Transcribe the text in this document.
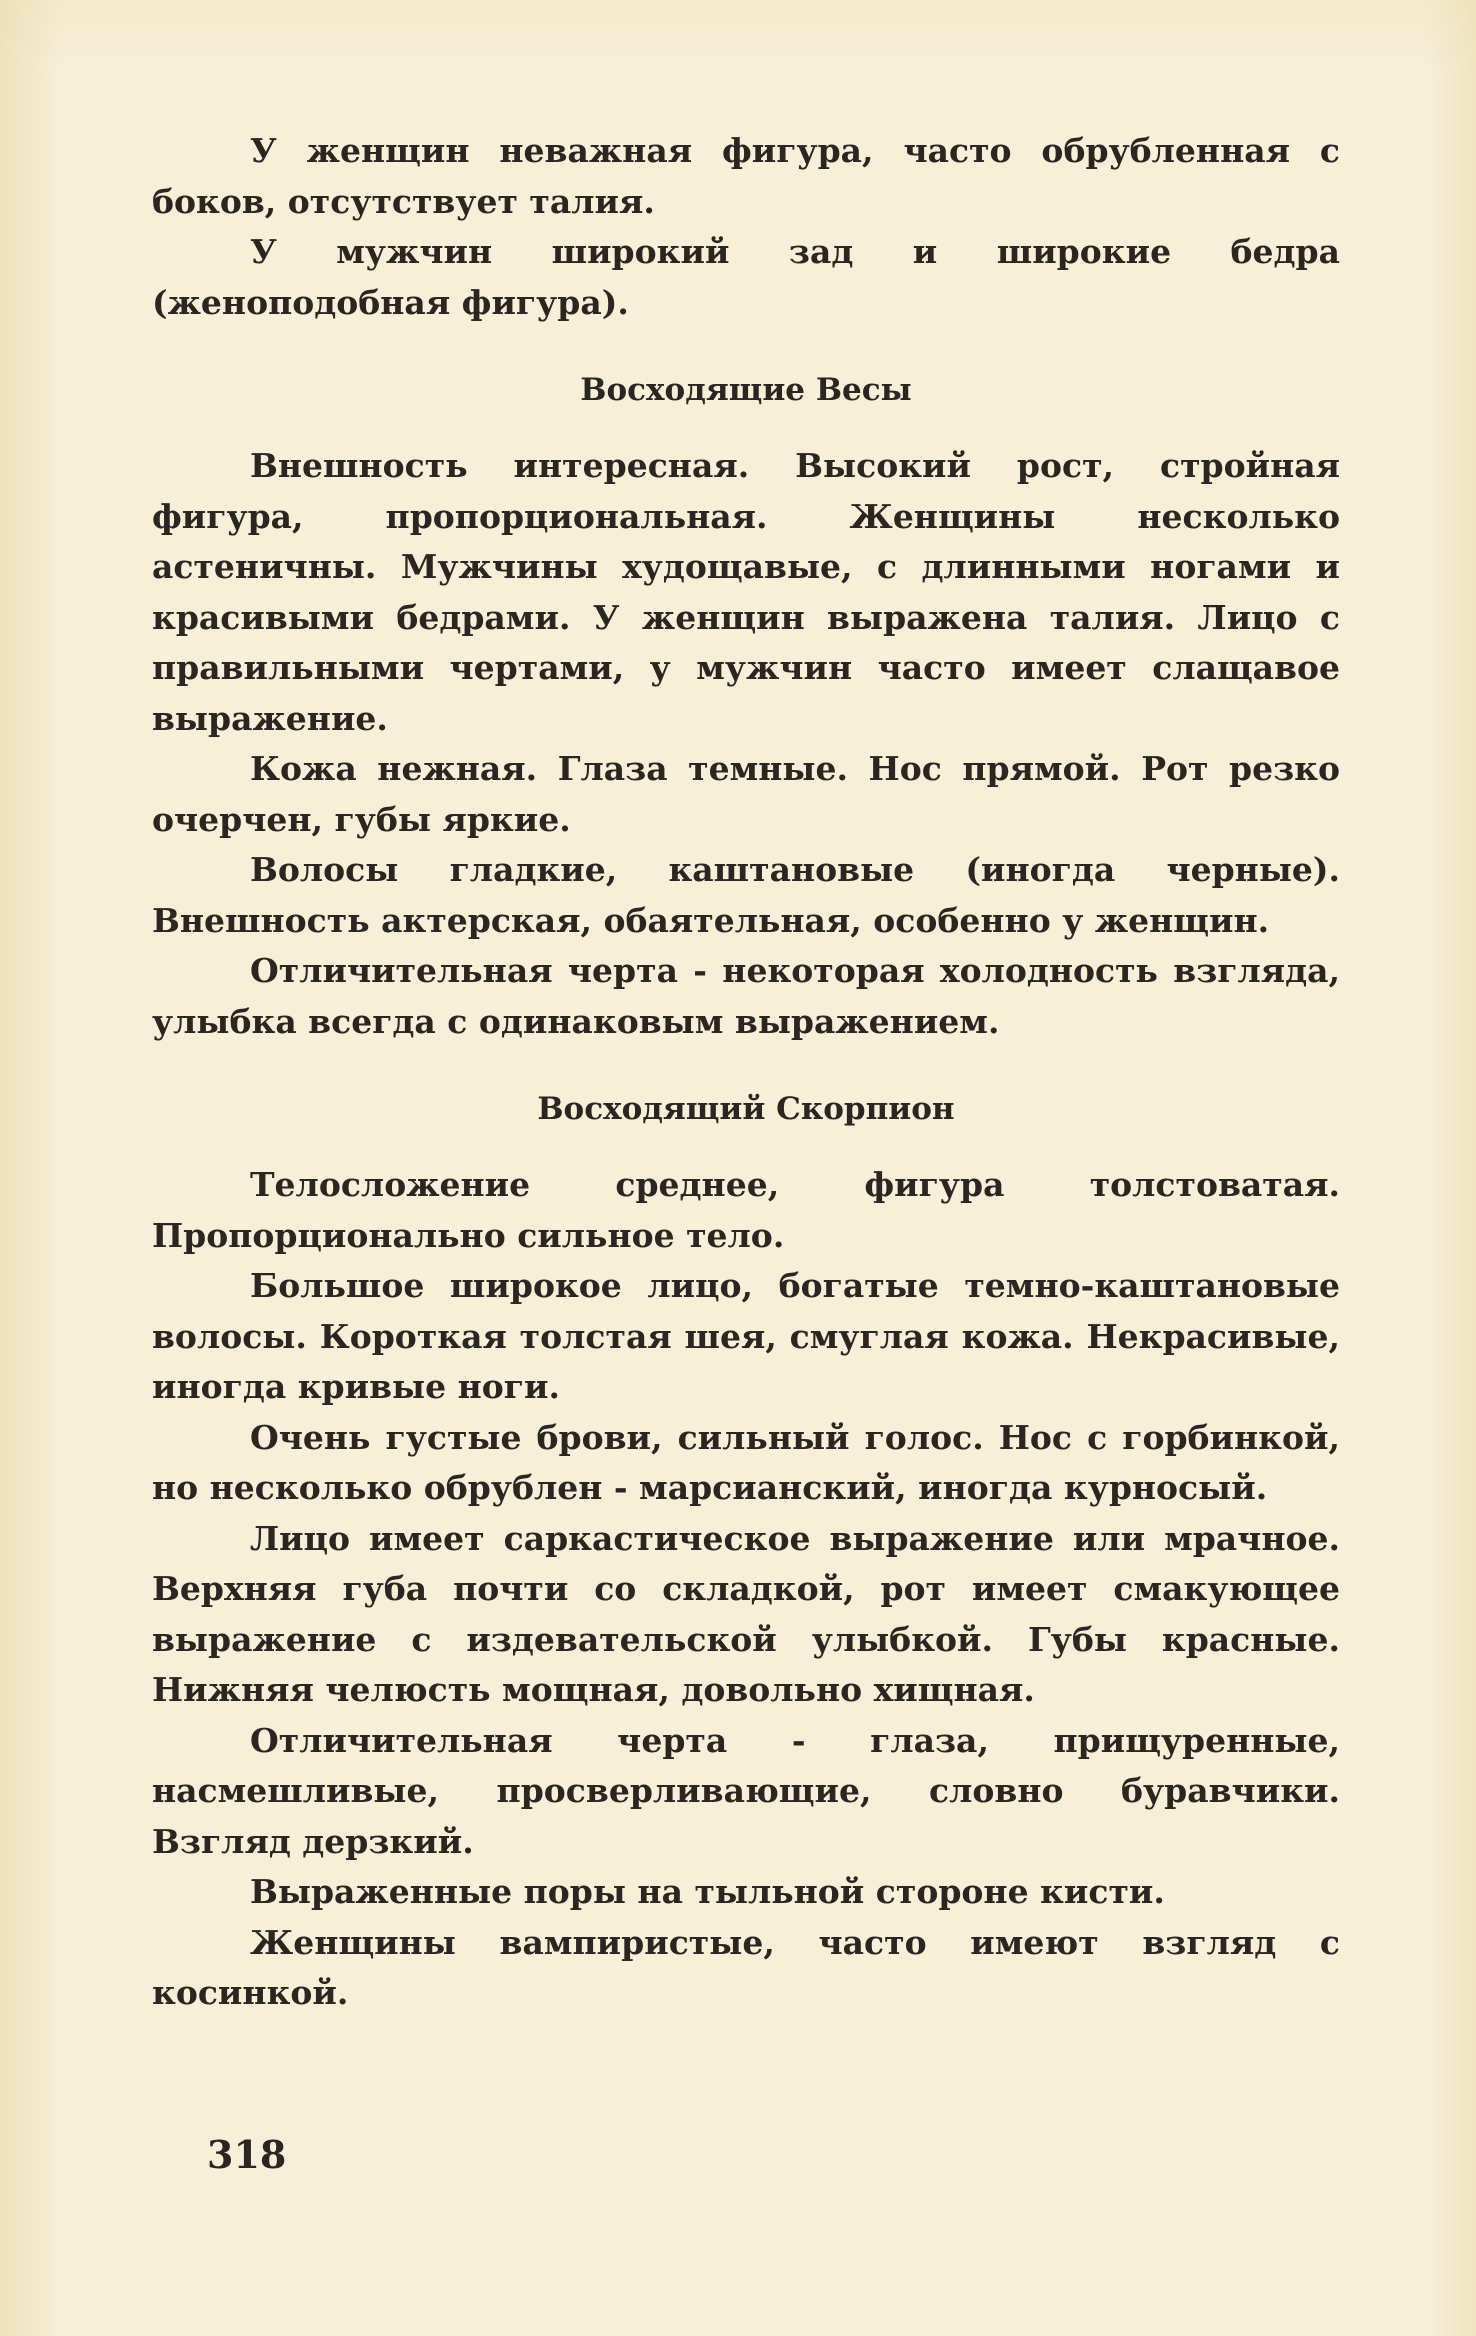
У женщин неважная фигура, часто обрубленная с боков, отсутствует талия.

У мужчин широкий зад и широкие бедра (женоподобная фигура).

Восходящие Весы

Внешность интересная. Высокий рост, стройная фигура, пропорциональная. Женщины несколько астеничны. Мужчины худощавые, с длинными ногами и красивыми бедрами. У женщин выражена талия. Лицо с правильными чертами, у мужчин часто имеет слащавое выражение.

Кожа нежная. Глаза темные. Нос прямой. Рот резко очерчен, губы яркие.

Волосы гладкие, каштановые (иногда черные). Внешность актерская, обаятельная, особенно у женщин.

Отличительная черта - некоторая холодность взгляда, улыбка всегда с одинаковым выражением.

Восходящий Скорпион

Телосложение среднее, фигура толстоватая. Пропорционально сильное тело.

Большое широкое лицо, богатые темно-каштановые волосы. Короткая толстая шея, смуглая кожа. Некрасивые, иногда кривые ноги.

Очень густые брови, сильный голос. Нос с горбинкой, но несколько обрублен - марсианский, иногда курносый.

Лицо имеет саркастическое выражение или мрачное. Верхняя губа почти со складкой, рот имеет смакующее выражение с издевательской улыбкой. Губы красные. Нижняя челюсть мощная, довольно хищная.

Отличительная черта - глаза, прищуренные, насмешливые, просверливающие, словно буравчики. Взгляд дерзкий.

Выраженные поры на тыльной стороне кисти.

Женщины вампиристые, часто имеют взгляд с косинкой.

318
